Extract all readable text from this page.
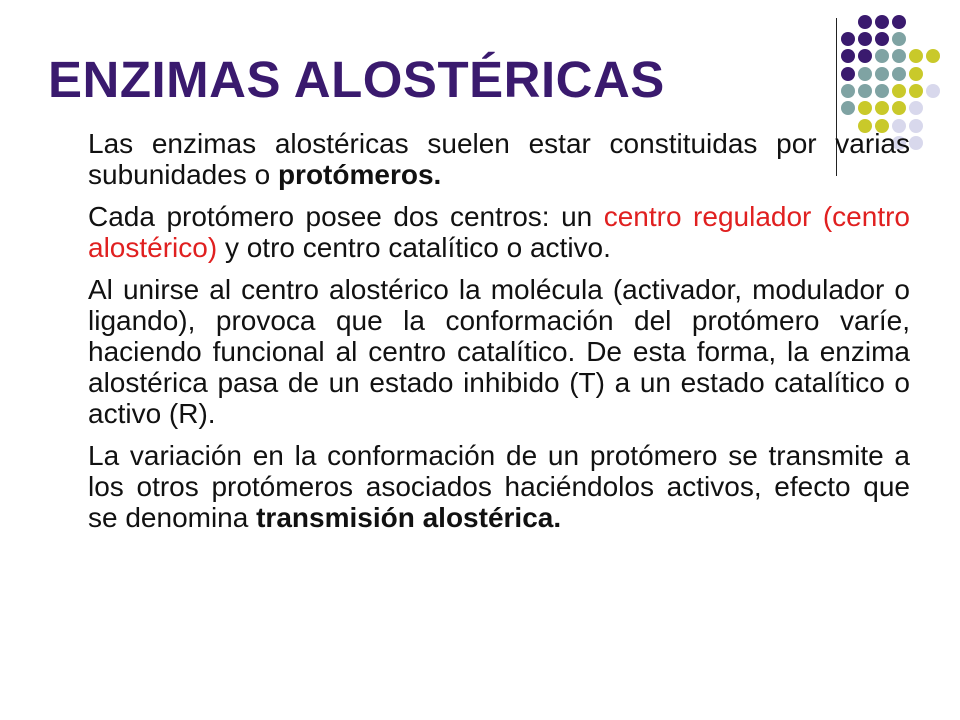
ENZIMAS ALOSTÉRICAS

Las enzimas alostéricas suelen estar constituidas por varias subunidades o protómeros.

Cada protómero posee dos centros: un centro regulador (centro alostérico) y otro centro catalítico o activo.

Al unirse al centro alostérico la molécula (activador, modulador o ligando), provoca que la conformación del protómero varíe, haciendo funcional al centro catalítico. De esta forma, la enzima alostérica pasa de un estado inhibido (T) a un estado catalítico o activo (R).

La variación en la conformación de un protómero se transmite a los otros protómeros asociados haciéndolos activos, efecto que se denomina transmisión alostérica.
